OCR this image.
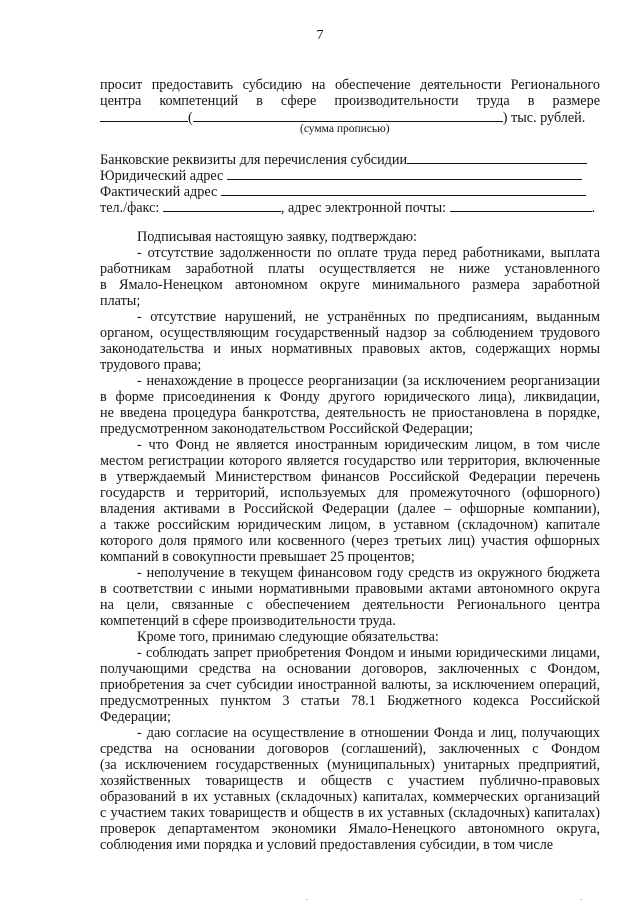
7
просит предоставить субсидию на обеспечение деятельности Регионального
центра компетенций в сфере производительности труда в размере
(	) тыс. рублей.
(сумма прописью)
Банковские реквизиты для перечисления субсидии
Юридический адрес
Фактический адрес
тел./факс:	, адрес электронной почты:	.
Подписывая настоящую заявку, подтверждаю:
- отсутствие задолженности по оплате труда перед работниками, выплата
работникам заработной платы осуществляется не ниже установленного
в Ямало-Ненецком автономном округе минимального размера заработной
платы;
- отсутствие нарушений, не устранённых по предписаниям, выданным
органом, осуществляющим государственный надзор за соблюдением трудового
законодательства и иных нормативных правовых актов, содержащих нормы
трудового права;
- ненахождение в процессе реорганизации (за исключением реорганизации
в форме присоединения к Фонду другого юридического лица), ликвидации,
не введена процедура банкротства, деятельность не приостановлена в порядке,
предусмотренном законодательством Российской Федерации;
- что Фонд не является иностранным юридическим лицом, в том числе
местом регистрации которого является государство или территория, включенные
в утверждаемый Министерством финансов Российской Федерации перечень
государств и территорий, используемых для промежуточного (офшорного)
владения активами в Российской Федерации (далее – офшорные компании),
а также российским юридическим лицом, в уставном (складочном) капитале
которого доля прямого или косвенного (через третьих лиц) участия офшорных
компаний в совокупности превышает 25 процентов;
- неполучение в текущем финансовом году средств из окружного бюджета
в соответствии с иными нормативными правовыми актами автономного округа
на цели, связанные с обеспечением деятельности Регионального центра
компетенций в сфере производительности труда.
Кроме того, принимаю следующие обязательства:
- соблюдать запрет приобретения Фондом и иными юридическими лицами,
получающими средства на основании договоров, заключенных с Фондом,
приобретения за счет субсидии иностранной валюты, за исключением операций,
предусмотренных пунктом 3 статьи 78.1 Бюджетного кодекса Российской
Федерации;
- даю согласие на осуществление в отношении Фонда и лиц, получающих
средства на основании договоров (соглашений), заключенных с Фондом
(за исключением государственных (муниципальных) унитарных предприятий,
хозяйственных товариществ и обществ с участием публично-правовых
образований в их уставных (складочных) капиталах, коммерческих организаций
с участием таких товариществ и обществ в их уставных (складочных) капиталах)
проверок департаментом экономики Ямало-Ненецкого автономного округа,
соблюдения ими порядка и условий предоставления субсидии, в том числе
